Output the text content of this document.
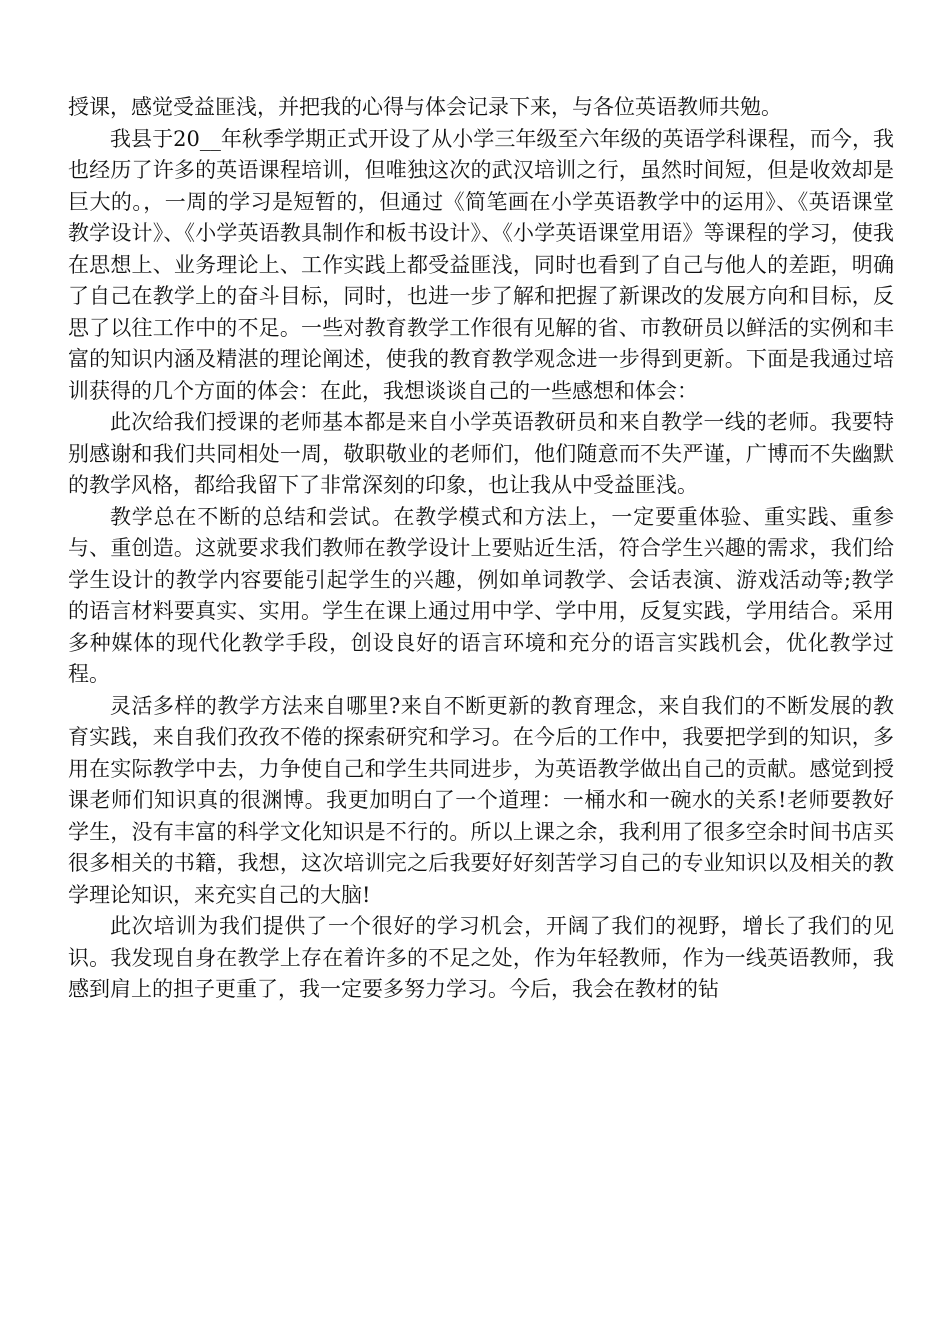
授课，感觉受益匪浅，并把我的心得与体会记录下来，与各位英语教师共勉。

我县于20__年秋季学期正式开设了从小学三年级至六年级的英语学科课程，而今，我也经历了许多的英语课程培训，但唯独这次的武汉培训之行，虽然时间短，但是收效却是巨大的。，一周的学习是短暂的，但通过《简笔画在小学英语教学中的运用》、《英语课堂教学设计》、《小学英语教具制作和板书设计》、《小学英语课堂用语》等课程的学习，使我在思想上、业务理论上、工作实践上都受益匪浅，同时也看到了自己与他人的差距，明确了自己在教学上的奋斗目标，同时，也进一步了解和把握了新课改的发展方向和目标，反思了以往工作中的不足。一些对教育教学工作很有见解的省、市教研员以鲜活的实例和丰富的知识内涵及精湛的理论阐述，使我的教育教学观念进一步得到更新。下面是我通过培训获得的几个方面的体会：在此，我想谈谈自己的一些感想和体会：

此次给我们授课的老师基本都是来自小学英语教研员和来自教学一线的老师。我要特别感谢和我们共同相处一周，敬职敬业的老师们，他们随意而不失严谨，广博而不失幽默的教学风格，都给我留下了非常深刻的印象，也让我从中受益匪浅。

教学总在不断的总结和尝试。在教学模式和方法上，一定要重体验、重实践、重参与、重创造。这就要求我们教师在教学设计上要贴近生活，符合学生兴趣的需求，我们给学生设计的教学内容要能引起学生的兴趣，例如单词教学、会话表演、游戏活动等;教学的语言材料要真实、实用。学生在课上通过用中学、学中用，反复实践，学用结合。采用多种媒体的现代化教学手段，创设良好的语言环境和充分的语言实践机会，优化教学过程。

灵活多样的教学方法来自哪里?来自不断更新的教育理念，来自我们的不断发展的教育实践，来自我们孜孜不倦的探索研究和学习。在今后的工作中，我要把学到的知识，多用在实际教学中去，力争使自己和学生共同进步，为英语教学做出自己的贡献。感觉到授课老师们知识真的很渊博。我更加明白了一个道理：一桶水和一碗水的关系!老师要教好学生，没有丰富的科学文化知识是不行的。所以上课之余，我利用了很多空余时间书店买很多相关的书籍，我想，这次培训完之后我要好好刻苦学习自己的专业知识以及相关的教学理论知识，来充实自己的大脑!

此次培训为我们提供了一个很好的学习机会，开阔了我们的视野，增长了我们的见识。我发现自身在教学上存在着许多的不足之处，作为年轻教师，作为一线英语教师，我感到肩上的担子更重了，我一定要多努力学习。今后，我会在教材的钻
